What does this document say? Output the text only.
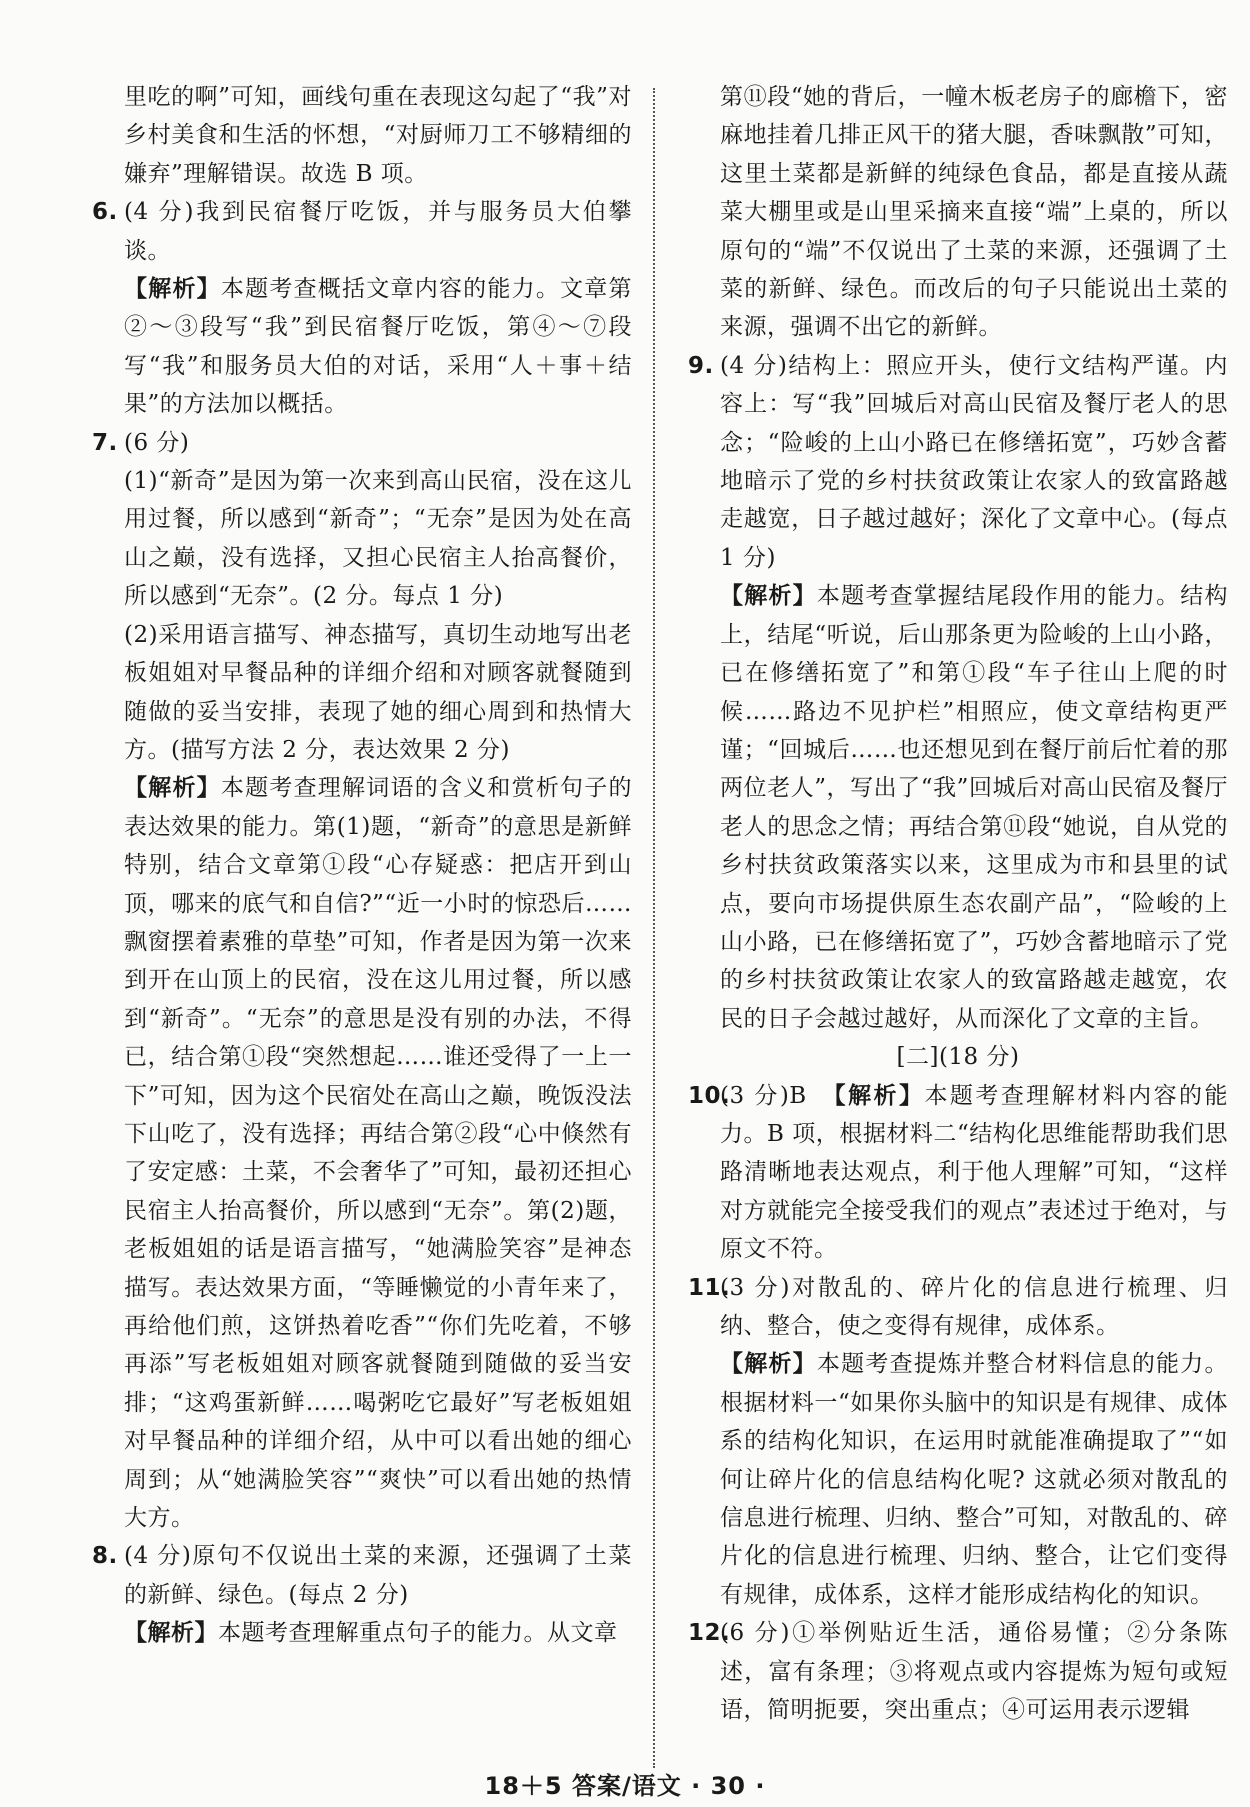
里吃的啊”可知，画线句重在表现这勾起了“我”对乡村美食和生活的怀想，“对厨师刀工不够精细的嫌弃”理解错误。故选 B 项。

6. (4 分)我到民宿餐厅吃饭，并与服务员大伯攀谈。

【解析】本题考查概括文章内容的能力。文章第②～③段写“我”到民宿餐厅吃饭，第④～⑦段写“我”和服务员大伯的对话，采用“人＋事＋结果”的方法加以概括。

7. (6 分)

(1)“新奇”是因为第一次来到高山民宿，没在这儿用过餐，所以感到“新奇”；“无奈”是因为处在高山之巅，没有选择，又担心民宿主人抬高餐价，所以感到“无奈”。(2 分。每点 1 分)

(2)采用语言描写、神态描写，真切生动地写出老板姐姐对早餐品种的详细介绍和对顾客就餐随到随做的妥当安排，表现了她的细心周到和热情大方。(描写方法 2 分，表达效果 2 分)

【解析】本题考查理解词语的含义和赏析句子的表达效果的能力。第(1)题，“新奇”的意思是新鲜特别，结合文章第①段“心存疑惑：把店开到山顶，哪来的底气和自信?”“近一小时的惊恐后……飘窗摆着素雅的草垫”可知，作者是因为第一次来到开在山顶上的民宿，没在这儿用过餐，所以感到“新奇”。“无奈”的意思是没有别的办法，不得已，结合第①段“突然想起……谁还受得了一上一下”可知，因为这个民宿处在高山之巅，晚饭没法下山吃了，没有选择；再结合第②段“心中倏然有了安定感：土菜，不会奢华了”可知，最初还担心民宿主人抬高餐价，所以感到“无奈”。第(2)题，老板姐姐的话是语言描写，“她满脸笑容”是神态描写。表达效果方面，“等睡懒觉的小青年来了，再给他们煎，这饼热着吃香”“你们先吃着，不够再添”写老板姐姐对顾客就餐随到随做的妥当安排；“这鸡蛋新鲜……喝粥吃它最好”写老板姐姐对早餐品种的详细介绍，从中可以看出她的细心周到；从“她满脸笑容”“爽快”可以看出她的热情大方。

8. (4 分)原句不仅说出土菜的来源，还强调了土菜的新鲜、绿色。(每点 2 分)

【解析】本题考查理解重点句子的能力。从文章

第⑪段“她的背后，一幢木板老房子的廊檐下，密麻地挂着几排正风干的猪大腿，香味飘散”可知，这里土菜都是新鲜的纯绿色食品，都是直接从蔬菜大棚里或是山里采摘来直接“端”上桌的，所以原句的“端”不仅说出了土菜的来源，还强调了土菜的新鲜、绿色。而改后的句子只能说出土菜的来源，强调不出它的新鲜。

9. (4 分)结构上：照应开头，使行文结构严谨。内容上：写“我”回城后对高山民宿及餐厅老人的思念；“险峻的上山小路已在修缮拓宽”，巧妙含蓄地暗示了党的乡村扶贫政策让农家人的致富路越走越宽，日子越过越好；深化了文章中心。(每点 1 分)

【解析】本题考查掌握结尾段作用的能力。结构上，结尾“听说，后山那条更为险峻的上山小路，已在修缮拓宽了”和第①段“车子往山上爬的时候……路边不见护栏”相照应，使文章结构更严谨；“回城后……也还想见到在餐厅前后忙着的那两位老人”，写出了“我”回城后对高山民宿及餐厅老人的思念之情；再结合第⑪段“她说，自从党的乡村扶贫政策落实以来，这里成为市和县里的试点，要向市场提供原生态农副产品”，“险峻的上山小路，已在修缮拓宽了”，巧妙含蓄地暗示了党的乡村扶贫政策让农家人的致富路越走越宽，农民的日子会越过越好，从而深化了文章的主旨。

[二](18 分)

10.

(3 分)B　【解析】本题考查理解材料内容的能力。B 项，根据材料二“结构化思维能帮助我们思路清晰地表达观点，利于他人理解”可知，“这样对方就能完全接受我们的观点”表述过于绝对，与原文不符。

11.

(3 分)对散乱的、碎片化的信息进行梳理、归纳、整合，使之变得有规律，成体系。

【解析】本题考查提炼并整合材料信息的能力。根据材料一“如果你头脑中的知识是有规律、成体系的结构化知识，在运用时就能准确提取了”“如何让碎片化的信息结构化呢? 这就必须对散乱的信息进行梳理、归纳、整合”可知，对散乱的、碎片化的信息进行梳理、归纳、整合，让它们变得有规律，成体系，这样才能形成结构化的知识。

12.

(6 分)①举例贴近生活，通俗易懂；②分条陈述，富有条理；③将观点或内容提炼为短句或短语，简明扼要，突出重点；④可运用表示逻辑

18＋5 答案/语文 · 30 ·
